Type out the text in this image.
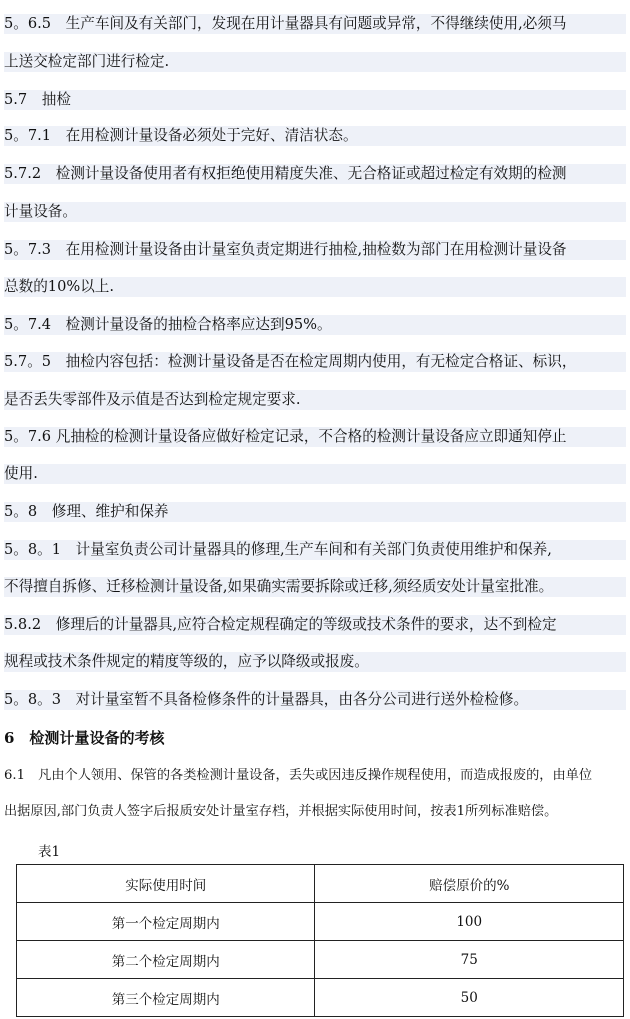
5。6.5　生产车间及有关部门，发现在用计量器具有问题或异常，不得继续使用,必须马
上送交检定部门进行检定.
5.7　抽检
5。7.1　在用检测计量设备必须处于完好、清洁状态。
5.7.2　检测计量设备使用者有权拒绝使用精度失准、无合格证或超过检定有效期的检测
计量设备。
5。7.3　在用检测计量设备由计量室负责定期进行抽检,抽检数为部门在用检测计量设备
总数的10%以上.
5。7.4　检测计量设备的抽检合格率应达到95%。
5.7。5　抽检内容包括：检测计量设备是否在检定周期内使用，有无检定合格证、标识，
是否丢失零部件及示值是否达到检定规定要求.
5。7.6 凡抽检的检测计量设备应做好检定记录，不合格的检测计量设备应立即通知停止
使用.
5。8　修理、维护和保养
5。8。1　计量室负责公司计量器具的修理,生产车间和有关部门负责使用维护和保养,
不得擅自拆修、迁移检测计量设备,如果确实需要拆除或迁移,须经质安处计量室批准。
5.8.2　修理后的计量器具,应符合检定规程确定的等级或技术条件的要求，达不到检定
规程或技术条件规定的精度等级的，应予以降级或报废。
5。8。3　对计量室暂不具备检修条件的计量器具，由各分公司进行送外检检修。
6　检测计量设备的考核
6.1　凡由个人领用、保管的各类检测计量设备，丢失或因违反操作规程使用，而造成报废的，由单位
出据原因,部门负责人签字后报质安处计量室存档，并根据实际使用时间，按表1所列标准赔偿。
表1
实际使用时间	赔偿原价的%
第一个检定周期内	100
第二个检定周期内	75
第三个检定周期内	50
